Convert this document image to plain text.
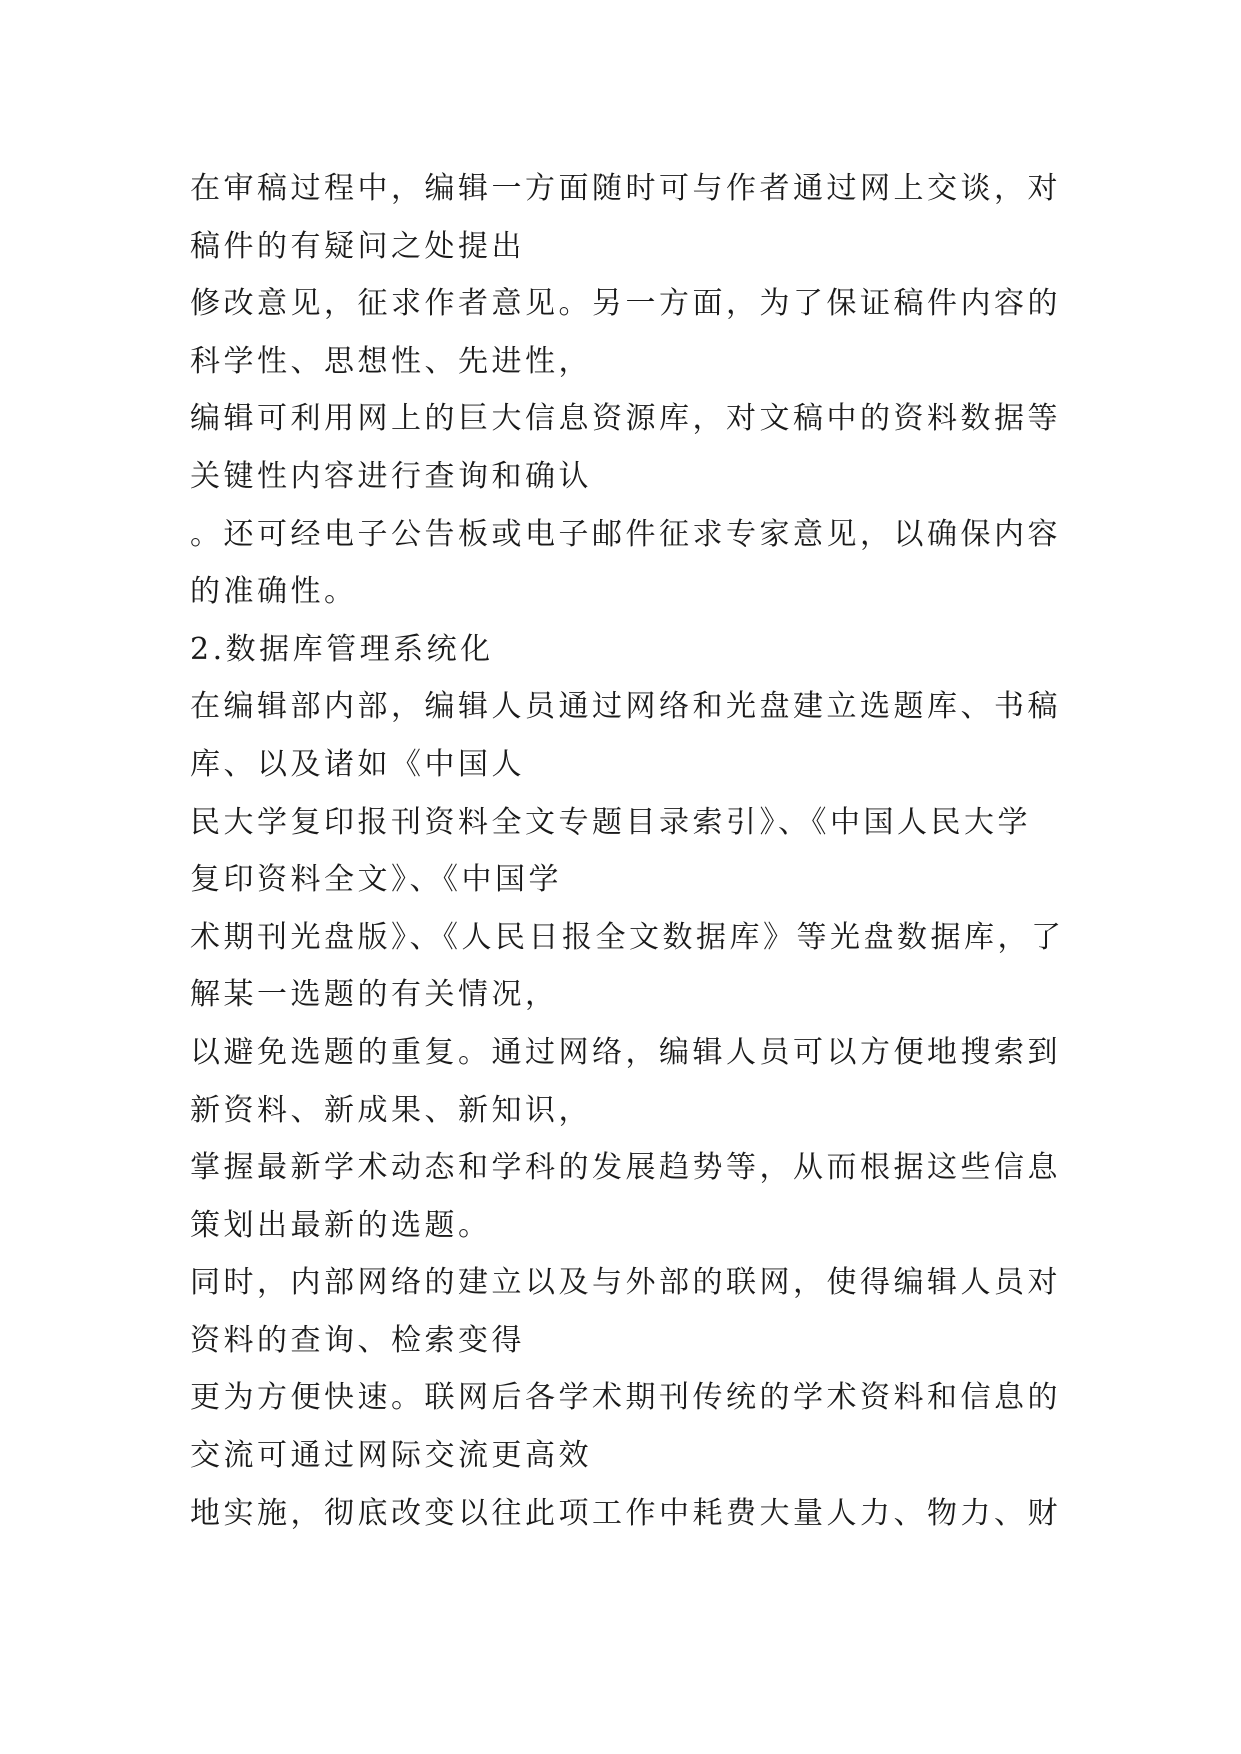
在审稿过程中，编辑一方面随时可与作者通过网上交谈，对
稿件的有疑问之处提出
修改意见，征求作者意见。另一方面，为了保证稿件内容的
科学性、思想性、先进性，
编辑可利用网上的巨大信息资源库，对文稿中的资料数据等
关键性内容进行查询和确认
。还可经电子公告板或电子邮件征求专家意见，以确保内容
的准确性。
2.数据库管理系统化
在编辑部内部，编辑人员通过网络和光盘建立选题库、书稿
库、以及诸如《中国人
民大学复印报刊资料全文专题目录索引》、《中国人民大学
复印资料全文》、《中国学
术期刊光盘版》、《人民日报全文数据库》等光盘数据库，了
解某一选题的有关情况，
以避免选题的重复。通过网络，编辑人员可以方便地搜索到
新资料、新成果、新知识，
掌握最新学术动态和学科的发展趋势等，从而根据这些信息
策划出最新的选题。
同时，内部网络的建立以及与外部的联网，使得编辑人员对
资料的查询、检索变得
更为方便快速。联网后各学术期刊传统的学术资料和信息的
交流可通过网际交流更高效
地实施，彻底改变以往此项工作中耗费大量人力、物力、财
